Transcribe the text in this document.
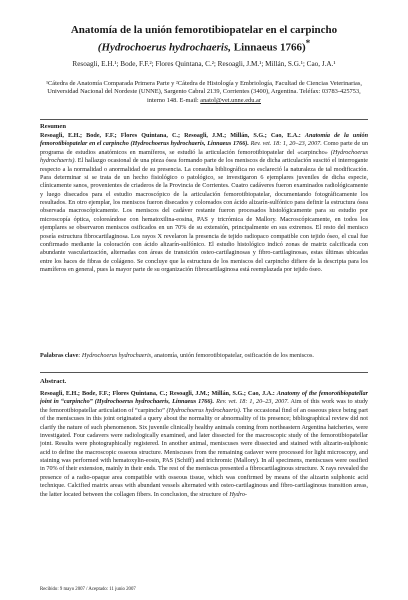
Anatomía de la unión femorotibiopatelar en el carpincho
(Hydrochoerus hydrochaeris, Linnaeus 1766)*

Resoagli, E.H.¹; Bode, F.F.²; Flores Quintana, C.²; Resoagli, J.M.¹; Millán, S.G.¹; Cao, J.A.¹

¹Cátedra de Anatomía Comparada Primera Parte y ²Cátedra de Histología y Embriología, Facultad de Ciencias Veterinarias, Universidad Nacional del Nordeste (UNNE), Sargento Cabral 2139, Corrientes (3400), Argentina. Teléfax: 03783-425753, interno 148. E-mail: anatol@vet.unne.edu.ar

Resumen

Resoagli, E.H.; Bode, F.F.; Flores Quintana, C.; Resoagli, J.M.; Millán, S.G.; Cao, E.A.: Anatomía de la unión femorotibiopatelar en el carpincho (Hydrochoerus hydrochaeris, Linnaeus 1766). Rev. vet. 18: 1, 20–23, 2007. Como parte de un programa de estudios anatómicos en mamíferos, se estudió la articulación femorotibiopatelar del «carpincho» (Hydrochoerus hydrochaeris). El hallazgo ocasional de una pieza ósea formando parte de los meniscos de dicha articulación suscitó el interrogante respecto a la normalidad o anormalidad de su presencia. La consulta bibliográfica no esclareció la naturaleza de tal modificación. Para determinar si se trata de un hecho fisiológico o patológico, se investigaron 6 ejemplares juveniles de dicha especie, clínicamente sanos, provenientes de criaderos de la Provincia de Corrientes. Cuatro cadáveres fueron examinados radiológicamente y luego disecados para el estudio macroscópico de la articulación femorotibiopatelar, documentando fotográficamente los resultados. En otro ejemplar, los meniscos fueron disecados y coloreados con ácido alizarín-sulfónico para definir la estructura ósea observada macroscópicamente. Los meniscos del cadáver restante fueron procesados histológicamente para su estudio por microscopía óptica, coloreándose con hematoxilina-eosina, PAS y tricrómica de Mallory. Macroscópicamente, en todos los ejemplares se observaron meniscos osificados en un 70% de su extensión, principalmente en sus extremos. El resto del menisco poseía estructura fibrocartilaginosa. Los rayos X revelaron la presencia de tejido radiopaco compatible con tejido óseo, el cual fue confirmado mediante la coloración con ácido alizarín-sulfónico. El estudio histológico indicó zonas de matriz calcificada con abundante vascularización, alternadas con áreas de transición osteo-cartilaginosas y fibro-cartilaginosas, estas últimas ubicadas entre los haces de fibras de colágeno. Se concluye que la estructura de los meniscos del carpincho difiere de la descripta para los mamíferos en general, pues la mayor parte de su organización fibrocartilaginosa está reemplazada por tejido óseo.

Palabras clave: Hydrochoerus hydrochaeris, anatomía, unión femorotibiopatelar, osificación de los meniscos.

Abstract.

Resoagli, E.H.; Bode, F.F.; Flores Quintana, C.; Resoagli, J.M.; Millán, S.G.; Cao, J.A.: Anatomy of the femorotibiopatellar joint in “carpincho” (Hydrochoerus hydrochaeris, Linnaeus 1766). Rev. vet. 18: 1, 20–23, 2007. Aim of this work was to study the femorotibiopatellar articulation of “carpincho” (Hydrochoerus hydrochaeris). The occasional find of an osseous piece being part of the meniscuses in this joint originated a query about the normality or abnormality of its presence; bibliographical review did not clarify the nature of such phenomenon. Six juvenile clinically healthy animals coming from northeastern Argentina hatcheries, were investigated. Four cadavers were radiologically examined, and later dissected for the macroscopic study of the femorotibiopatellar joint. Results were photographically registered. In another animal, meniscuses were dissected and stained with alizarin-sulphonic acid to define the macroscopic osseous structure. Meniscuses from the remaining cadaver were processed for light microscopy, and staining was performed with hematoxylin-eosin, PAS (Schiff) and trichromic (Mallory). In all specimens, meniscuses were ossified in 70% of their extension, mainly in their ends. The rest of the meniscus presented a fibrocartilaginous structure. X rays revealed the presence of a radio-opaque area compatible with osseous tissue, which was confirmed by means of the alizarin sulphonic acid technique. Calcified matrix areas with abundant vessels alternated with osteo-cartilaginous and fibro-cartilaginous transition areas, the latter located between the collagen fibers. In conclusion, the structure of Hydro-

Recibido: 9 mayo 2007 / Aceptado: 11 junio 2007
